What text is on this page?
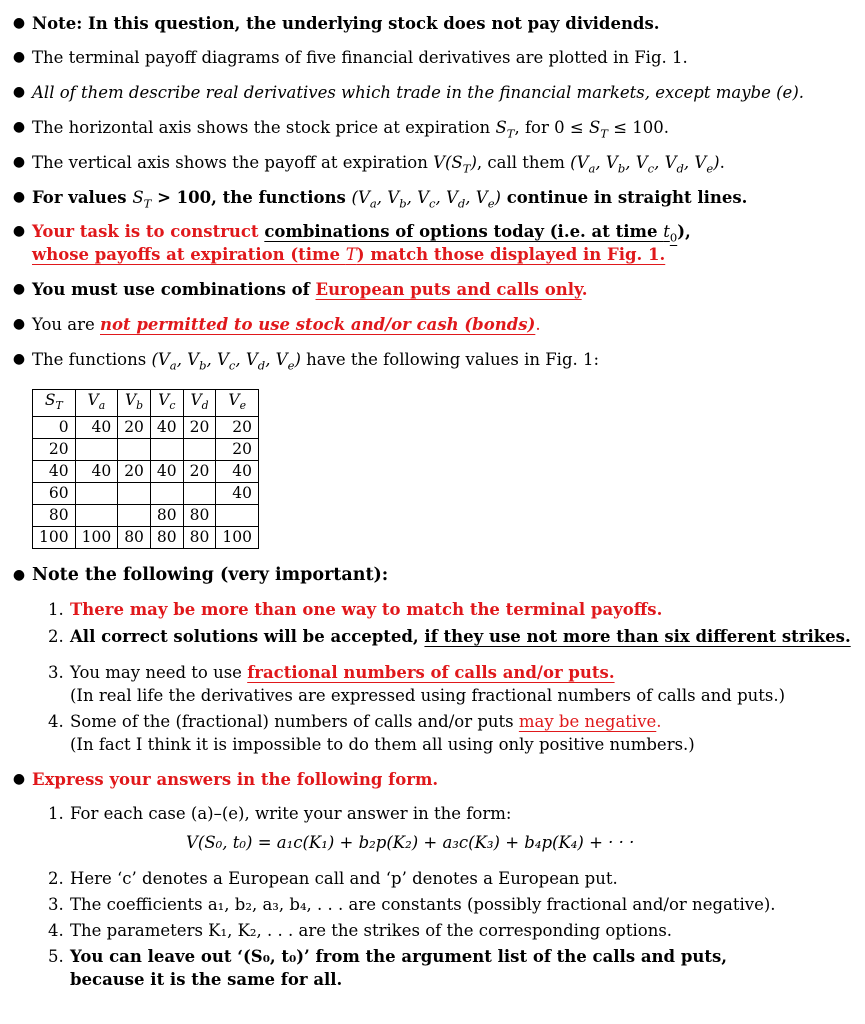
● Note: In this question, the underlying stock does not pay dividends.
● The terminal payoff diagrams of five financial derivatives are plotted in Fig. 1.
● All of them describe real derivatives which trade in the financial markets, except maybe (e).
● The horizontal axis shows the stock price at expiration $S_T$, for $0 \le S_T \le 100$.
● The vertical axis shows the payoff at expiration $V(S_T)$, call them ($V_a$, $V_b$, $V_c$, $V_d$, $V_e$).
● For values $S_T > 100$, the functions ($V_a$, $V_b$, $V_c$, $V_d$, $V_e$) continue in straight lines.
● Your task is to construct combinations of options today (i.e. at time $t_0$),
whose payoffs at expiration (time T) match those displayed in Fig. 1.
● You must use combinations of European puts and calls only.
● You are not permitted to use stock and/or cash (bonds).
● The functions ($V_a$, $V_b$, $V_c$, $V_d$, $V_e$) have the following values in Fig. 1:
$S_T$	$V_a$	$V_b$	$V_c$	$V_d$	$V_e$
0	40	20	40	20	20
20					20
40	40	20	40	20	40
60					40
80			80	80	
100	100	80	80	80	100
● Note the following (very important):
1. There may be more than one way to match the terminal payoffs.
2. All correct solutions will be accepted, if they use not more than six different strikes.
3. You may need to use fractional numbers of calls and/or puts.
(In real life the derivatives are expressed using fractional numbers of calls and puts.)
4. Some of the (fractional) numbers of calls and/or puts may be negative.
(In fact I think it is impossible to do them all using only positive numbers.)
● Express your answers in the following form.
1. For each case (a)–(e), write your answer in the form:
V(S₀, t₀) = a₁c(K₁) + b₂p(K₂) + a₃c(K₃) + b₄p(K₄) + · · ·
2. Here ‘c’ denotes a European call and ‘p’ denotes a European put.
3. The coefficients a₁, b₂, a₃, b₄, . . . are constants (possibly fractional and/or negative).
4. The parameters K₁, K₂, . . . are the strikes of the corresponding options.
5. You can leave out ‘(S₀, t₀)’ from the argument list of the calls and puts,
because it is the same for all.
